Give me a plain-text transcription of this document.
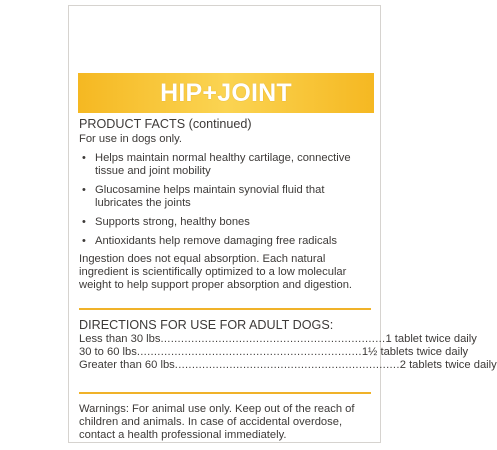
HIP+JOINT
PRODUCT FACTS (continued)
For use in dogs only.
• Helps maintain normal healthy cartilage, connective tissue and joint mobility
• Glucosamine helps maintain synovial fluid that lubricates the joints
• Supports strong, healthy bones
• Antioxidants help remove damaging free radicals
Ingestion does not equal absorption. Each natural ingredient is scientifically optimized to a low molecular weight to help support proper absorption and digestion.
DIRECTIONS FOR USE FOR ADULT DOGS:
Less than 30 lbs .................................................................. 1 tablet twice daily
30 to 60 lbs .................................................................. 1½ tablets twice daily
Greater than 60 lbs .................................................................. 2 tablets twice daily
Warnings: For animal use only. Keep out of the reach of children and animals. In case of accidental overdose, contact a health professional immediately.
